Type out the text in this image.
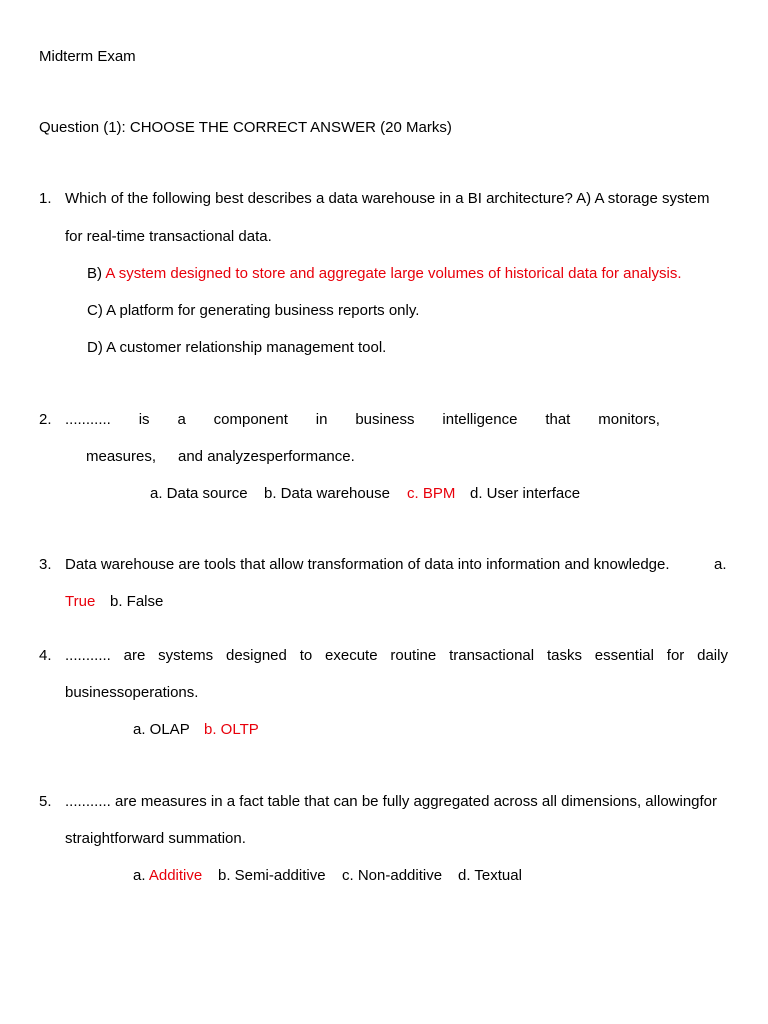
Midterm Exam
Question (1): CHOOSE THE CORRECT ANSWER (20 Marks)
1. Which of the following best describes a data warehouse in a BI architecture? A) A storage system
for real-time transactional data.
B) A system designed to store and aggregate large volumes of historical data for analysis.
C) A platform for generating business reports only.
D) A customer relationship management tool.
2. ........... is a component in business intelligence that monitors,
measures, and analyzesperformance.
a. Data source b. Data warehouse c. BPM d. User interface
3. Data warehouse are tools that allow transformation of data into information and knowledge.	a.
True b. False
4. ........... are systems designed to execute routine transactional tasks essential for daily
businessoperations.
a. OLAP b. OLTP
5. ........... are measures in a fact table that can be fully aggregated across all dimensions, allowingfor
straightforward summation.
a. Additive b. Semi-additive c. Non-additive d. Textual
